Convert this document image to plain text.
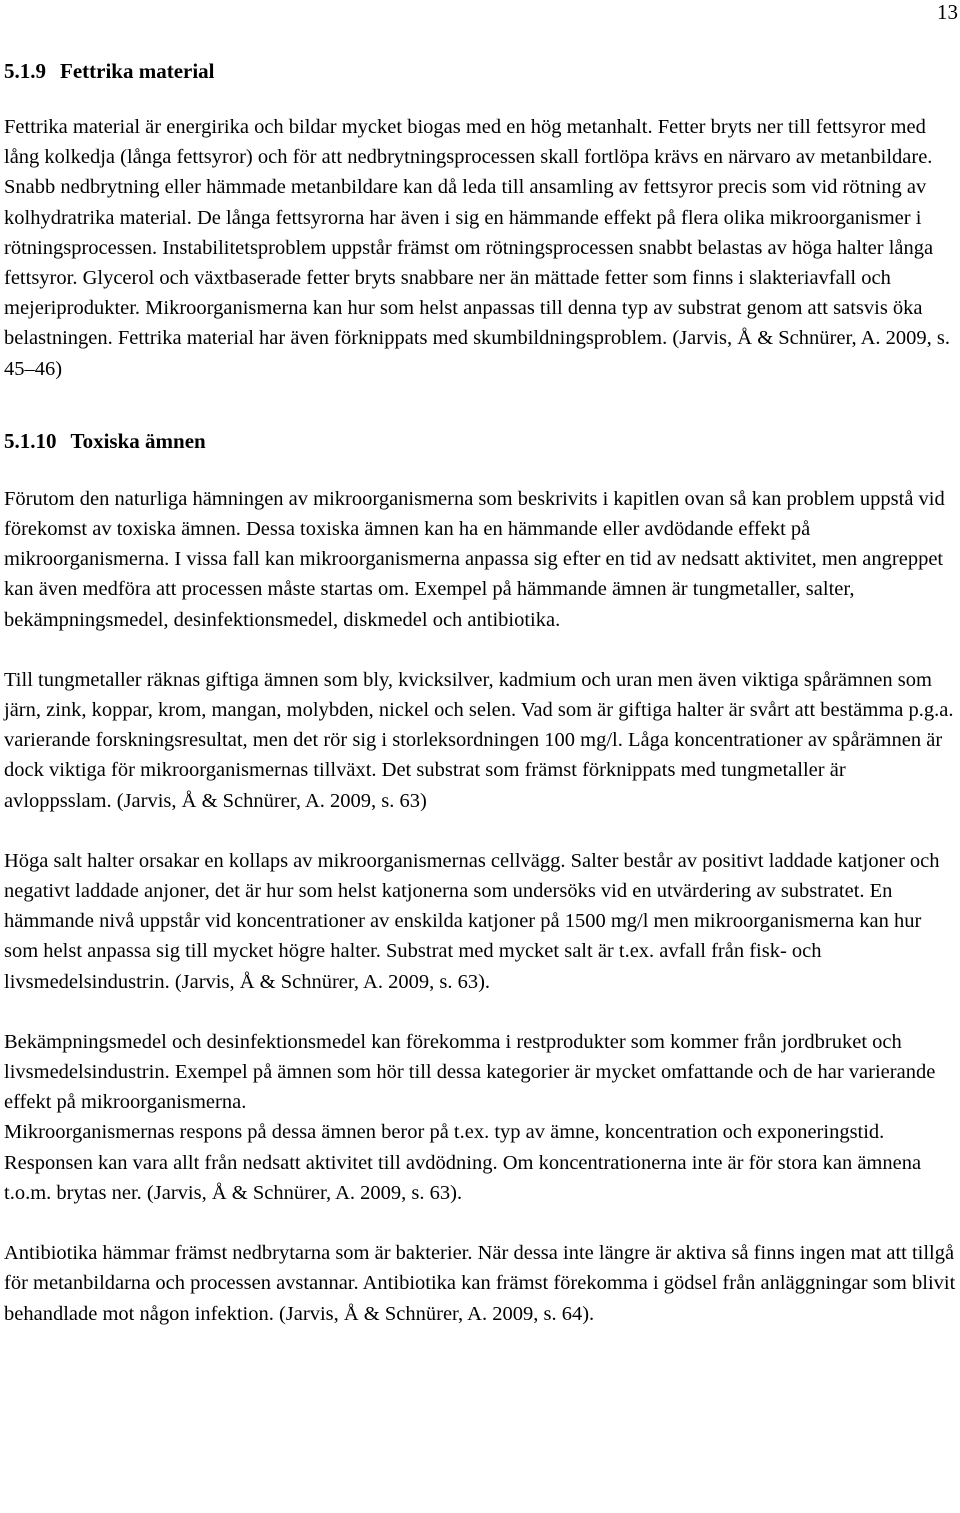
13
5.1.9 Fettrika material

Fettrika material är energirika och bildar mycket biogas med en hög metanhalt. Fetter bryts ner till fettsyror med lång kolkedja (långa fettsyror) och för att nedbrytningsprocessen skall fortlöpa krävs en närvaro av metanbildare. Snabb nedbrytning eller hämmade metanbildare kan då leda till ansamling av fettsyror precis som vid rötning av kolhydratrika material. De långa fettsyrorna har även i sig en hämmande effekt på flera olika mikroorganismer i rötningsprocessen. Instabilitetsproblem uppstår främst om rötningsprocessen snabbt belastas av höga halter långa fettsyror. Glycerol och växtbaserade fetter bryts snabbare ner än mättade fetter som finns i slakteriavfall och mejeriprodukter. Mikroorganismerna kan hur som helst anpassas till denna typ av substrat genom att satsvis öka belastningen. Fettrika material har även förknippats med skumbildningsproblem. (Jarvis, Å & Schnürer, A. 2009, s. 45–46)

5.1.10 Toxiska ämnen

Förutom den naturliga hämningen av mikroorganismerna som beskrivits i kapitlen ovan så kan problem uppstå vid förekomst av toxiska ämnen. Dessa toxiska ämnen kan ha en hämmande eller avdödande effekt på mikroorganismerna. I vissa fall kan mikroorganismerna anpassa sig efter en tid av nedsatt aktivitet, men angreppet kan även medföra att processen måste startas om. Exempel på hämmande ämnen är tungmetaller, salter, bekämpningsmedel, desinfektionsmedel, diskmedel och antibiotika.

Till tungmetaller räknas giftiga ämnen som bly, kvicksilver, kadmium och uran men även viktiga spårämnen som järn, zink, koppar, krom, mangan, molybden, nickel och selen. Vad som är giftiga halter är svårt att bestämma p.g.a. varierande forskningsresultat, men det rör sig i storleksordningen 100 mg/l. Låga koncentrationer av spårämnen är dock viktiga för mikroorganismernas tillväxt. Det substrat som främst förknippats med tungmetaller är avloppsslam. (Jarvis, Å & Schnürer, A. 2009, s. 63)

Höga salt halter orsakar en kollaps av mikroorganismernas cellvägg. Salter består av positivt laddade katjoner och negativt laddade anjoner, det är hur som helst katjonerna som undersöks vid en utvärdering av substratet. En hämmande nivå uppstår vid koncentrationer av enskilda katjoner på 1500 mg/l men mikroorganismerna kan hur som helst anpassa sig till mycket högre halter. Substrat med mycket salt är t.ex. avfall från fisk- och livsmedelsindustrin. (Jarvis, Å & Schnürer, A. 2009, s. 63).

Bekämpningsmedel och desinfektionsmedel kan förekomma i restprodukter som kommer från jordbruket och livsmedelsindustrin. Exempel på ämnen som hör till dessa kategorier är mycket omfattande och de har varierande effekt på mikroorganismerna.

Mikroorganismernas respons på dessa ämnen beror på t.ex. typ av ämne, koncentration och exponeringstid. Responsen kan vara allt från nedsatt aktivitet till avdödning. Om koncentrationerna inte är för stora kan ämnena t.o.m. brytas ner. (Jarvis, Å & Schnürer, A. 2009, s. 63).

Antibiotika hämmar främst nedbrytarna som är bakterier. När dessa inte längre är aktiva så finns ingen mat att tillgå för metanbildarna och processen avstannar. Antibiotika kan främst förekomma i gödsel från anläggningar som blivit behandlade mot någon infektion. (Jarvis, Å & Schnürer, A. 2009, s. 64).
